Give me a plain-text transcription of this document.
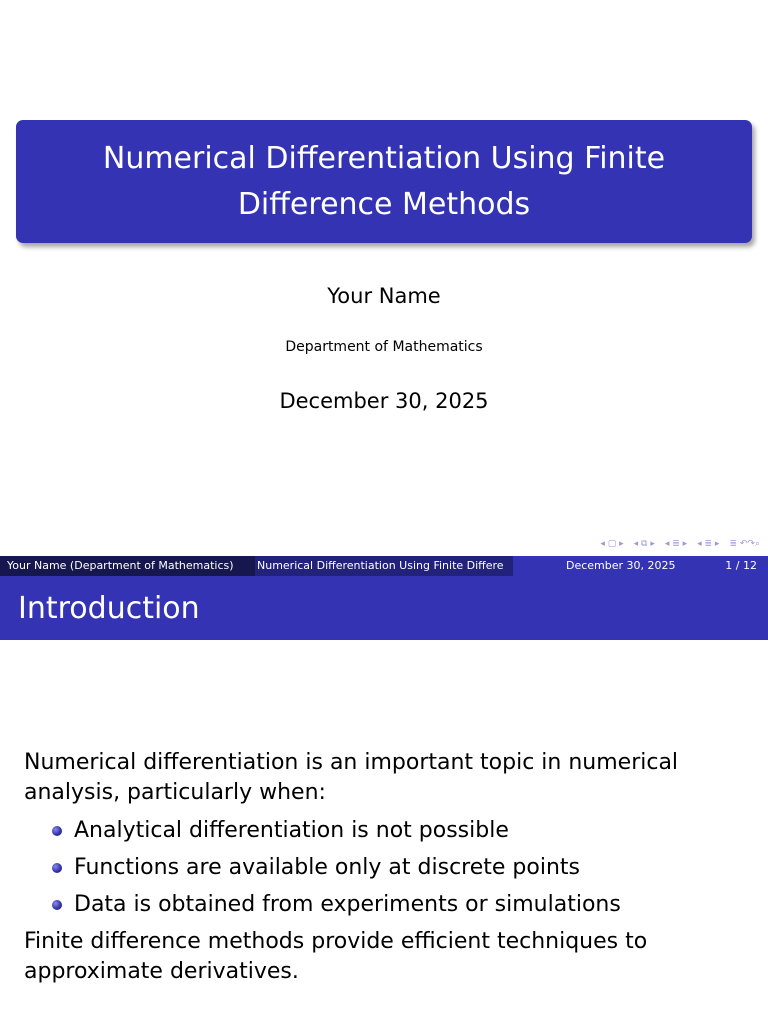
Numerical Differentiation Using Finite Difference Methods
Your Name
Department of Mathematics
December 30, 2025
◂ ▢ ▸ ◂ ⧉ ▸ ◂ ≣ ▸ ◂ ≣ ▸ ≣ ↶↷⌕
Your Name (Department of Mathematics)	Numerical Differentiation Using Finite Differe	December 30, 2025	1 / 12
Introduction

Numerical differentiation is an important topic in numerical analysis, particularly when:

Analytical differentiation is not possible
Functions are available only at discrete points
Data is obtained from experiments or simulations

Finite difference methods provide efficient techniques to approximate derivatives.
